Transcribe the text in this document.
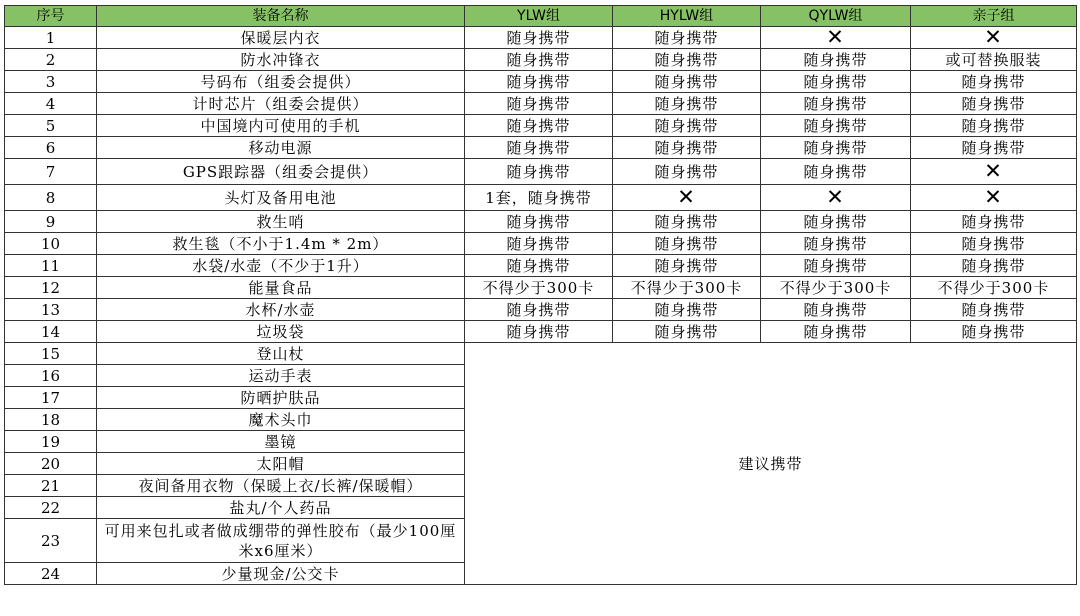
序号	装备名称	YLW组	HYLW组	QYLW组	亲子组
1	保暖层内衣	随身携带	随身携带	✕	✕
2	防水冲锋衣	随身携带	随身携带	随身携带	或可替换服装
3	号码布（组委会提供）	随身携带	随身携带	随身携带	随身携带
4	计时芯片（组委会提供）	随身携带	随身携带	随身携带	随身携带
5	中国境内可使用的手机	随身携带	随身携带	随身携带	随身携带
6	移动电源	随身携带	随身携带	随身携带	随身携带
7	GPS跟踪器（组委会提供）	随身携带	随身携带	随身携带	✕
8	头灯及备用电池	1套，随身携带	✕	✕	✕
9	救生哨	随身携带	随身携带	随身携带	随身携带
10	救生毯（不小于1.4m * 2m）	随身携带	随身携带	随身携带	随身携带
11	水袋/水壶（不少于1升）	随身携带	随身携带	随身携带	随身携带
12	能量食品	不得少于300卡	不得少于300卡	不得少于300卡	不得少于300卡
13	水杯/水壶	随身携带	随身携带	随身携带	随身携带
14	垃圾袋	随身携带	随身携带	随身携带	随身携带
15	登山杖	建议携带			
16	运动手表				
17	防晒护肤品				
18	魔术头巾				
19	墨镜				
20	太阳帽				
21	夜间备用衣物（保暖上衣/长裤/保暖帽）				
22	盐丸/个人药品				
23	可用来包扎或者做成绷带的弹性胶布（最少100厘米x6厘米）				
24	少量现金/公交卡				
